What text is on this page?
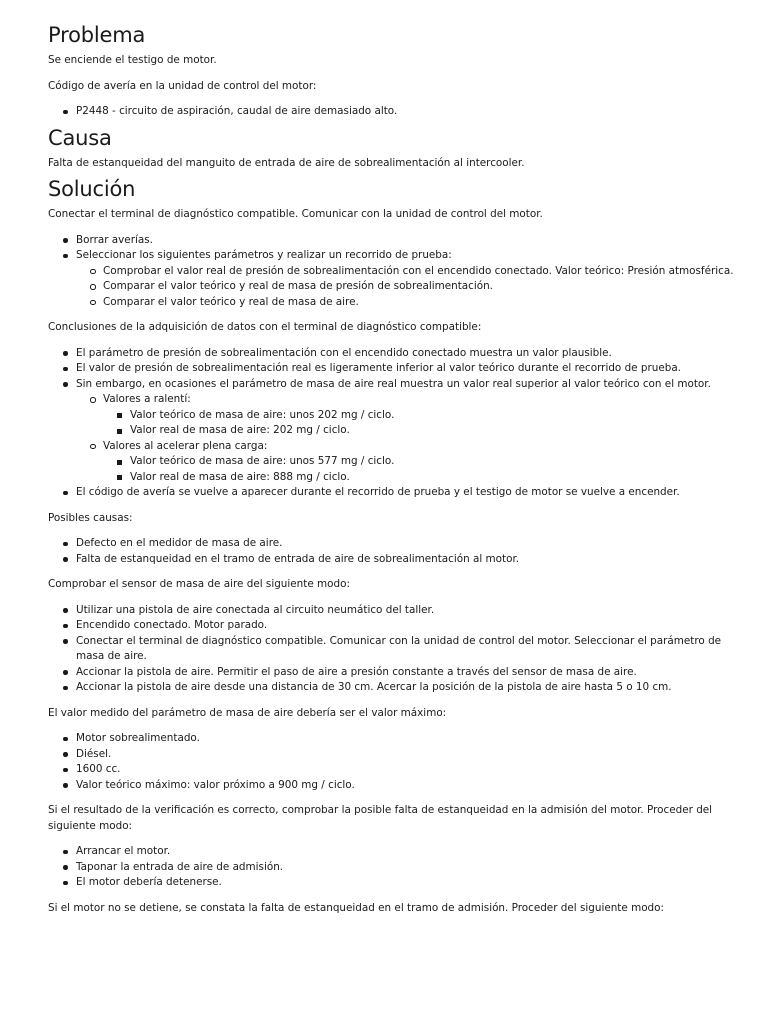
Problema

Se enciende el testigo de motor.

Código de avería en la unidad de control del motor:

P2448 - circuito de aspiración, caudal de aire demasiado alto.
Causa

Falta de estanqueidad del manguito de entrada de aire de sobrealimentación al intercooler.

Solución

Conectar el terminal de diagnóstico compatible. Comunicar con la unidad de control del motor.

Borrar averías.
Seleccionar los siguientes parámetros y realizar un recorrido de prueba:
Comprobar el valor real de presión de sobrealimentación con el encendido conectado. Valor teórico: Presión atmosférica.
Comparar el valor teórico y real de masa de presión de sobrealimentación.
Comparar el valor teórico y real de masa de aire.

Conclusiones de la adquisición de datos con el terminal de diagnóstico compatible:

El parámetro de presión de sobrealimentación con el encendido conectado muestra un valor plausible.
El valor de presión de sobrealimentación real es ligeramente inferior al valor teórico durante el recorrido de prueba.
Sin embargo, en ocasiones el parámetro de masa de aire real muestra un valor real superior al valor teórico con el motor.
Valores a ralentí:
Valor teórico de masa de aire: unos 202 mg / ciclo.
Valor real de masa de aire: 202 mg / ciclo.
Valores al acelerar plena carga:
Valor teórico de masa de aire: unos 577 mg / ciclo.
Valor real de masa de aire: 888 mg / ciclo.
El código de avería se vuelve a aparecer durante el recorrido de prueba y el testigo de motor se vuelve a encender.

Posibles causas:

Defecto en el medidor de masa de aire.
Falta de estanqueidad en el tramo de entrada de aire de sobrealimentación al motor.

Comprobar el sensor de masa de aire del siguiente modo:

Utilizar una pistola de aire conectada al circuito neumático del taller.
Encendido conectado. Motor parado.
Conectar el terminal de diagnóstico compatible. Comunicar con la unidad de control del motor. Seleccionar el parámetro de masa de aire.
Accionar la pistola de aire. Permitir el paso de aire a presión constante a través del sensor de masa de aire.
Accionar la pistola de aire desde una distancia de 30 cm. Acercar la posición de la pistola de aire hasta 5 o 10 cm.

El valor medido del parámetro de masa de aire debería ser el valor máximo:

Motor sobrealimentado.
Diésel.
1600 cc.
Valor teórico máximo: valor próximo a 900 mg / ciclo.

Si el resultado de la verificación es correcto, comprobar la posible falta de estanqueidad en la admisión del motor. Proceder del siguiente modo:

Arrancar el motor.
Taponar la entrada de aire de admisión.
El motor debería detenerse.

Si el motor no se detiene, se constata la falta de estanqueidad en el tramo de admisión. Proceder del siguiente modo:
